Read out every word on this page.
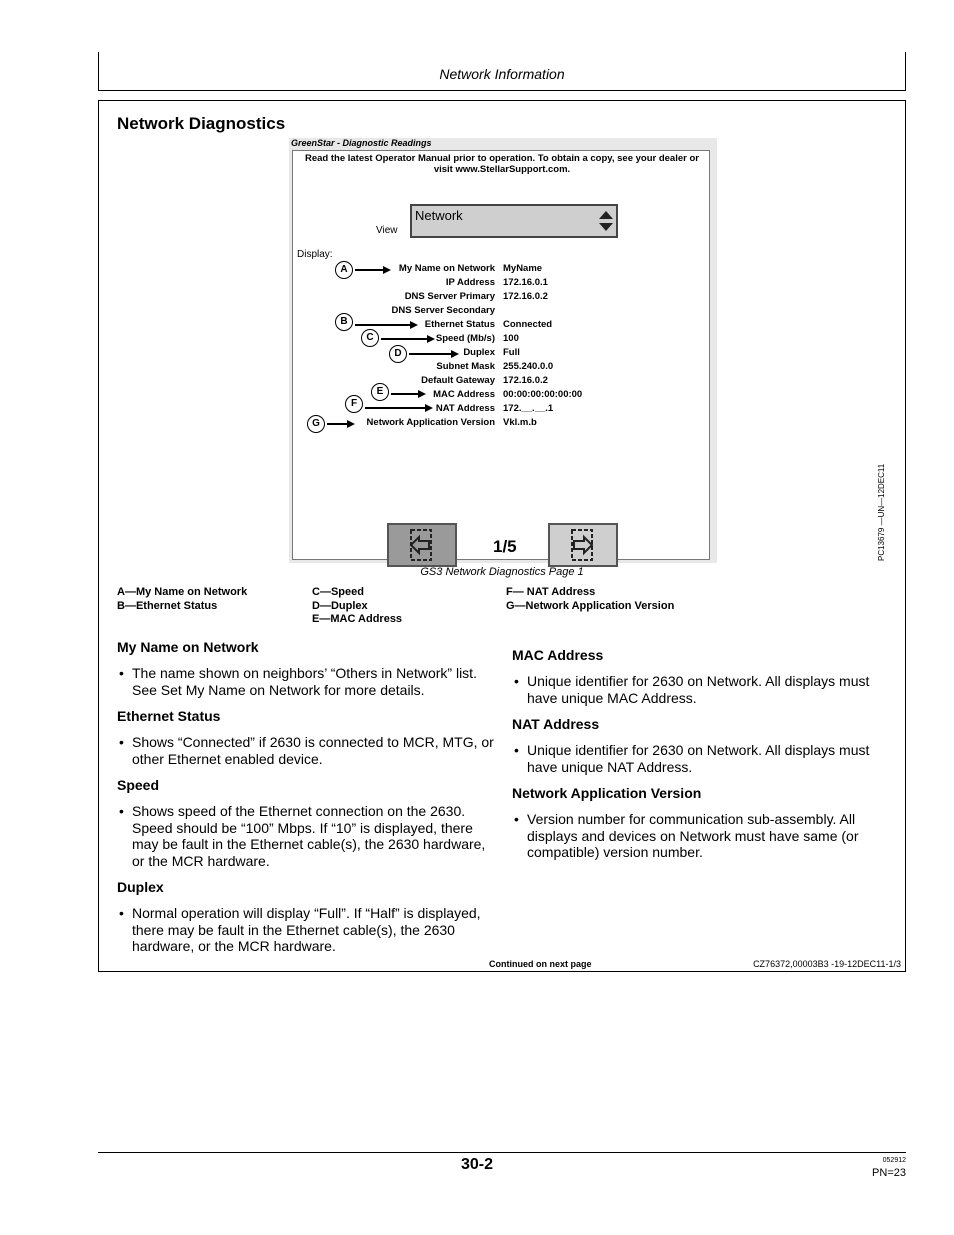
Network Information
Network Diagnostics
GreenStar - Diagnostic Readings
Read the latest Operator Manual prior to operation. To obtain a copy, see your dealer or visit www.StellarSupport.com.
View
Network
Display:
A	My Name on Network MyName
IP Address 172.16.0.1
DNS Server Primary 172.16.0.2
DNS Server Secondary
B	Ethernet Status Connected
C	Speed (Mb/s) 100
D	Duplex Full
Subnet Mask 255.240.0.0
Default Gateway 172.16.0.2
E	MAC Address 00:00:00:00:00:00
F	NAT Address 172.__.__.1
G	Network Application Version Vkl.m.b
1/5	PC13679 —UN—12DEC11
GS3 Network Diagnostics Page 1
A—My Name on Network
B—Ethernet Status
C—Speed
D—Duplex
E—MAC Address
F— NAT Address
G—Network Application Version
My Name on Network
• The name shown on neighbors’ “Others in Network” list. See Set My Name on Network for more details.
Ethernet Status
• Shows “Connected” if 2630 is connected to MCR, MTG, or other Ethernet enabled device.
Speed
• Shows speed of the Ethernet connection on the 2630. Speed should be “100” Mbps. If “10” is displayed, there may be fault in the Ethernet cable(s), the 2630 hardware, or the MCR hardware.
Duplex
• Normal operation will display “Full”. If “Half” is displayed, there may be fault in the Ethernet cable(s), the 2630 hardware, or the MCR hardware.
MAC Address
• Unique identifier for 2630 on Network. All displays must have unique MAC Address.
NAT Address
• Unique identifier for 2630 on Network. All displays must have unique NAT Address.
Network Application Version
• Version number for communication sub-assembly. All displays and devices on Network must have same (or compatible) version number.
Continued on next page	CZ76372,00003B3 -19-12DEC11-1/3
30-2	052912
PN=23
